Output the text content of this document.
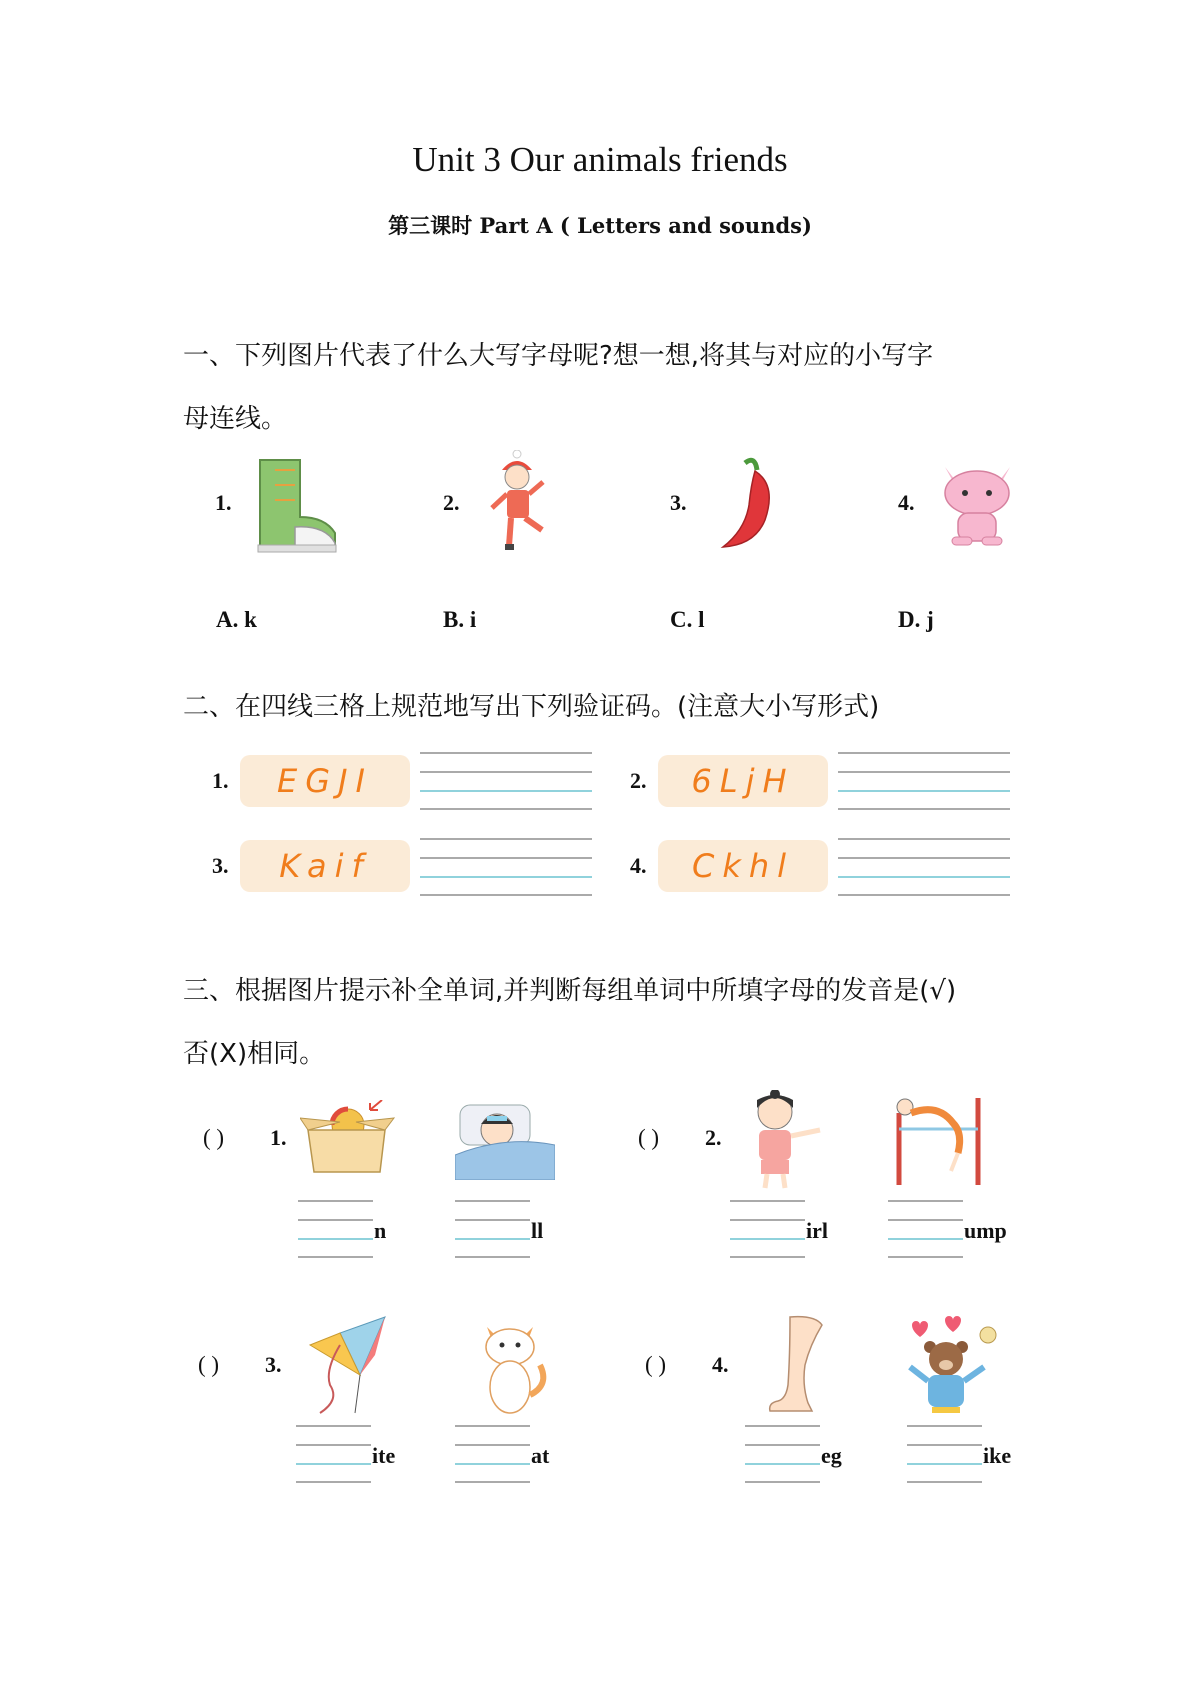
Unit 3 Our animals friends
第三课时 Part A ( Letters and sounds)
一、下列图片代表了什么大写字母呢?想一想,将其与对应的小写字
母连线。
1.	2.	3.	4.
A. k	B. i	C. l	D. j
二、在四线三格上规范地写出下列验证码。(注意大小写形式)
1.	EGJI	2.	6LjH
3.	Kaif	4.	Ckhl
三、根据图片提示补全单词,并判断每组单词中所填字母的发音是(√)
否(X)相同。
( ) 1.
n	ll
( ) 2.
irl	ump
( ) 3.
ite	at
( ) 4.
eg	ike
